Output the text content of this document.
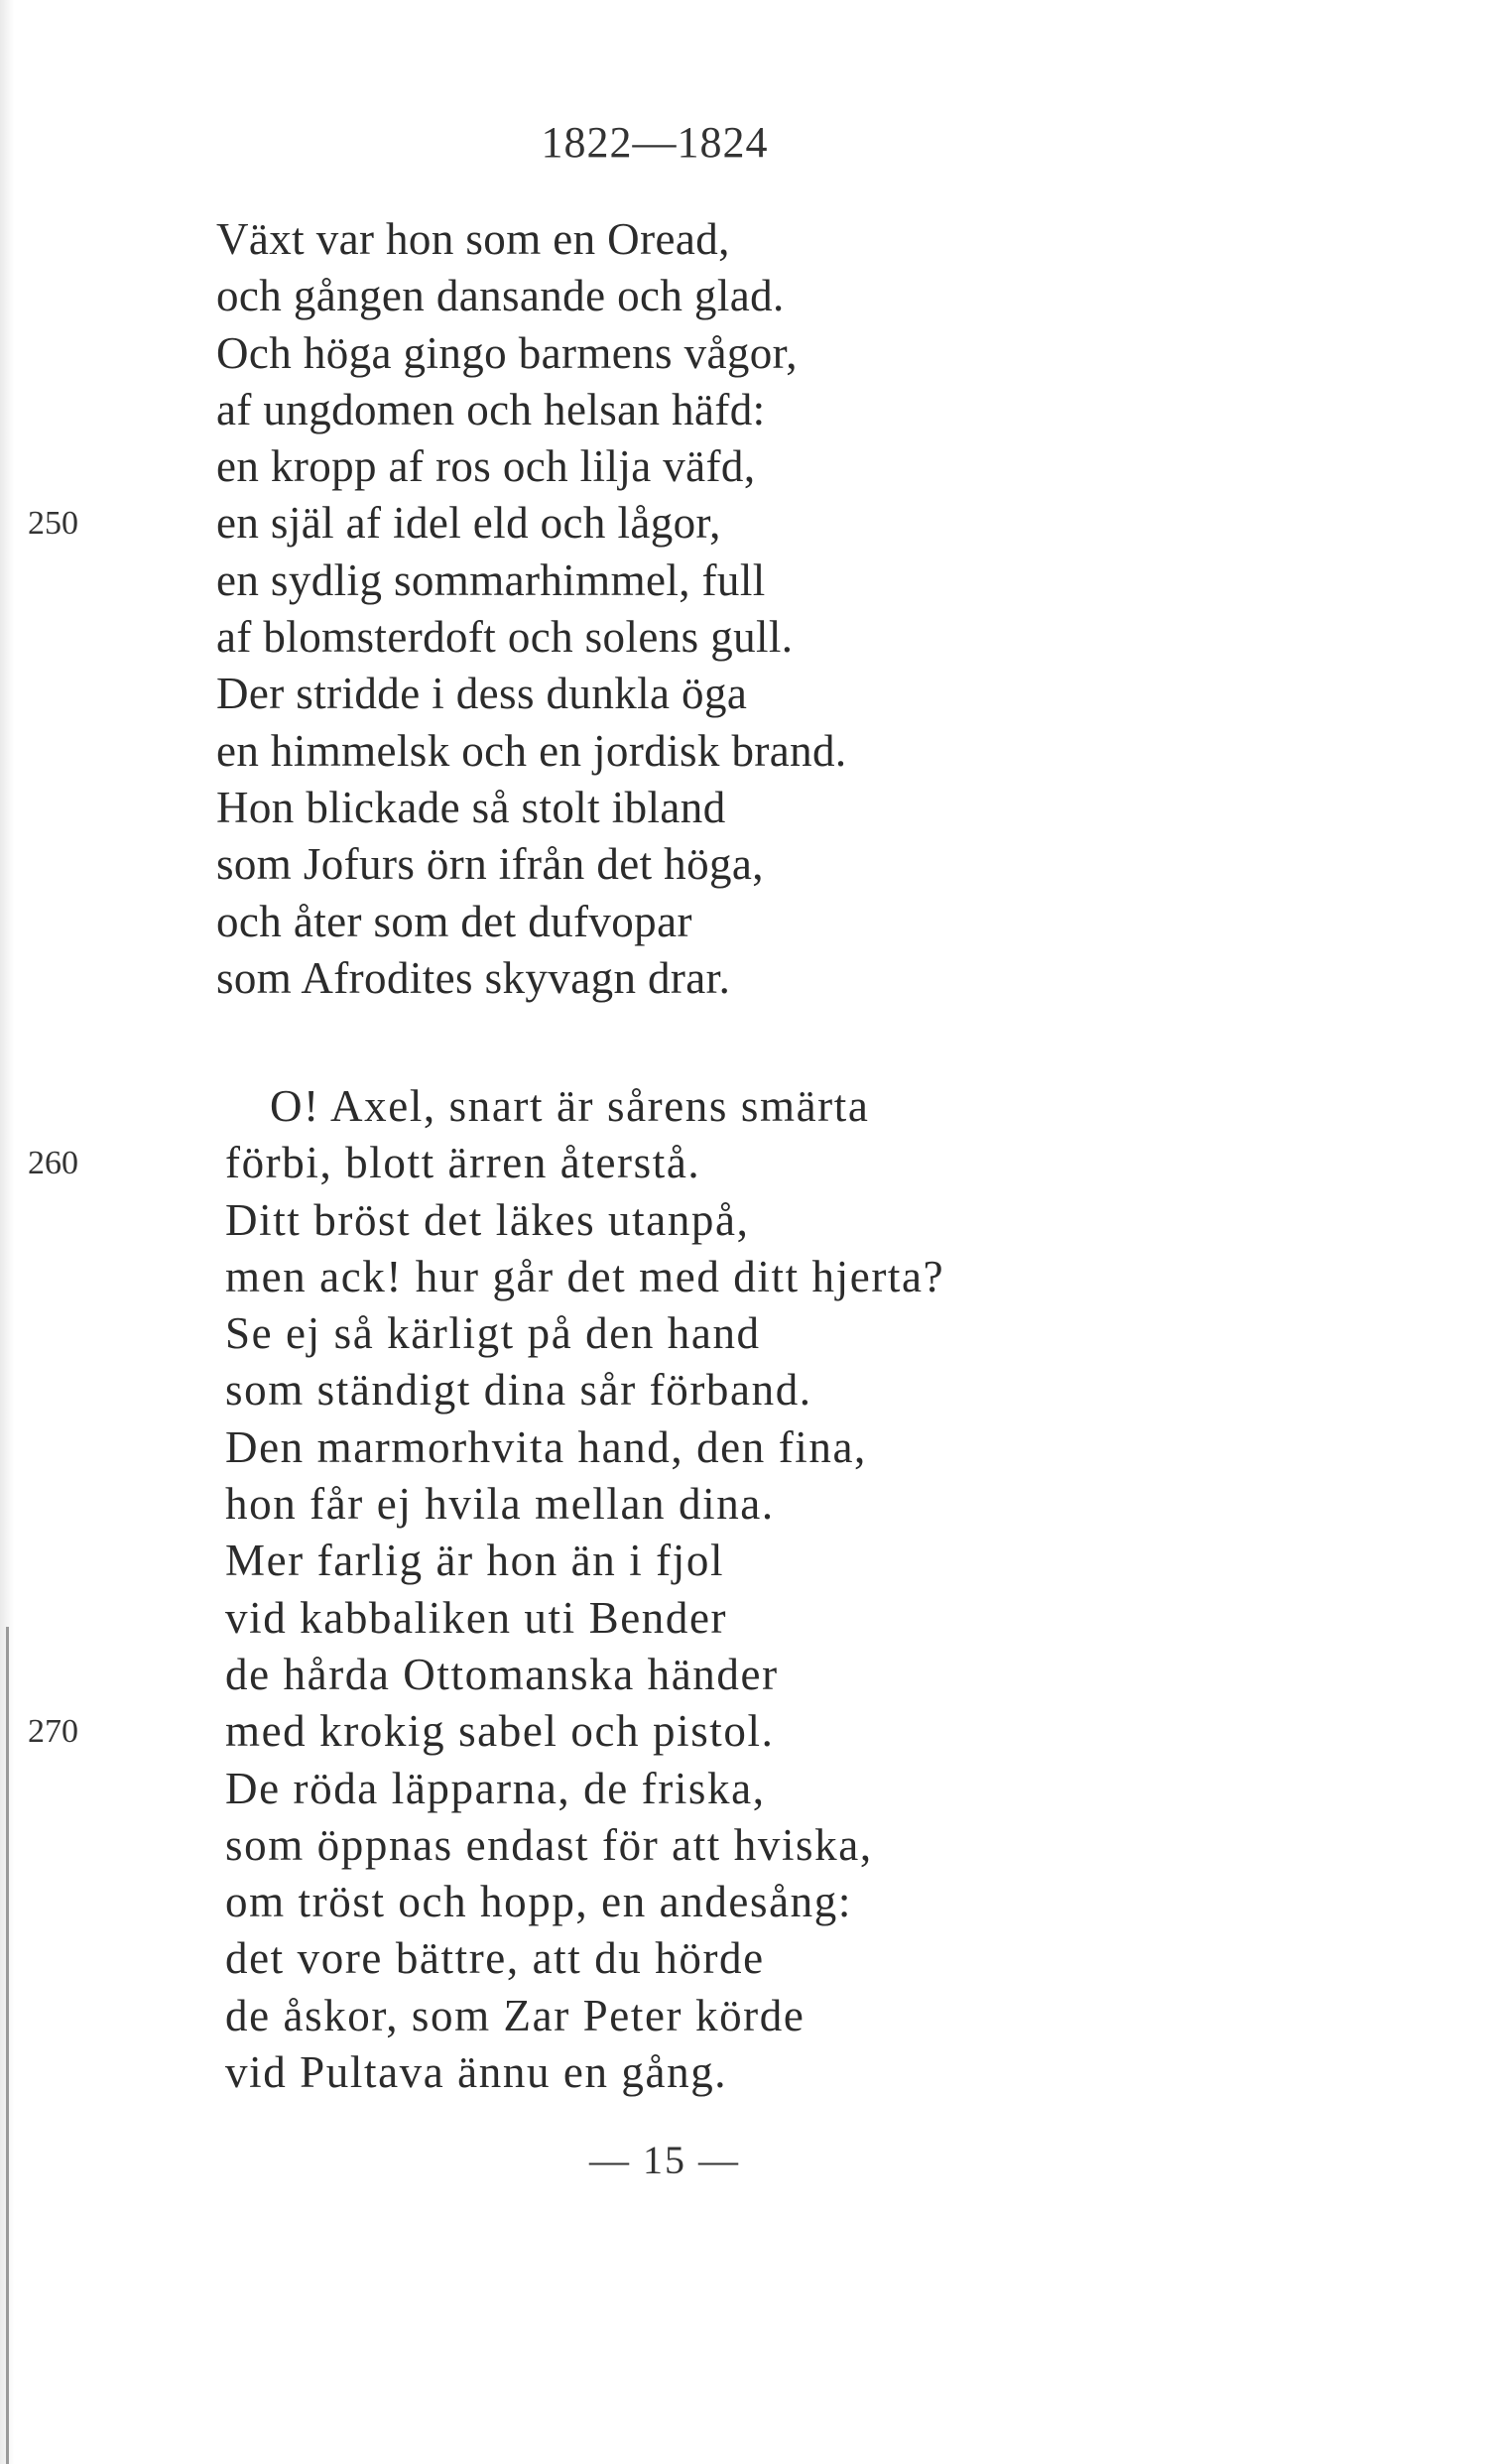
1822—1824
Växt var hon som en Oread,
och gången dansande och glad.
Och höga gingo barmens vågor,
af ungdomen och helsan häfd:
en kropp af ros och lilja väfd,
250	en själ af idel eld och lågor,
en sydlig sommarhimmel, full
af blomsterdoft och solens gull.
Der stridde i dess dunkla öga
en himmelsk och en jordisk brand.
Hon blickade så stolt ibland
som Jofurs örn ifrån det höga,
och åter som det dufvopar
som Afrodites skyvagn drar.
O! Axel, snart är sårens smärta
260	förbi, blott ärren återstå.
Ditt bröst det läkes utanpå,
men ack! hur går det med ditt hjerta?
Se ej så kärligt på den hand
som ständigt dina sår förband.
Den marmorhvita hand, den fina,
hon får ej hvila mellan dina.
Mer farlig är hon än i fjol
vid kabbaliken uti Bender
de hårda Ottomanska händer
270	med krokig sabel och pistol.
De röda läpparna, de friska,
som öppnas endast för att hviska,
om tröst och hopp, en andesång:
det vore bättre, att du hörde
de åskor, som Zar Peter körde
vid Pultava ännu en gång.
— 15 —
